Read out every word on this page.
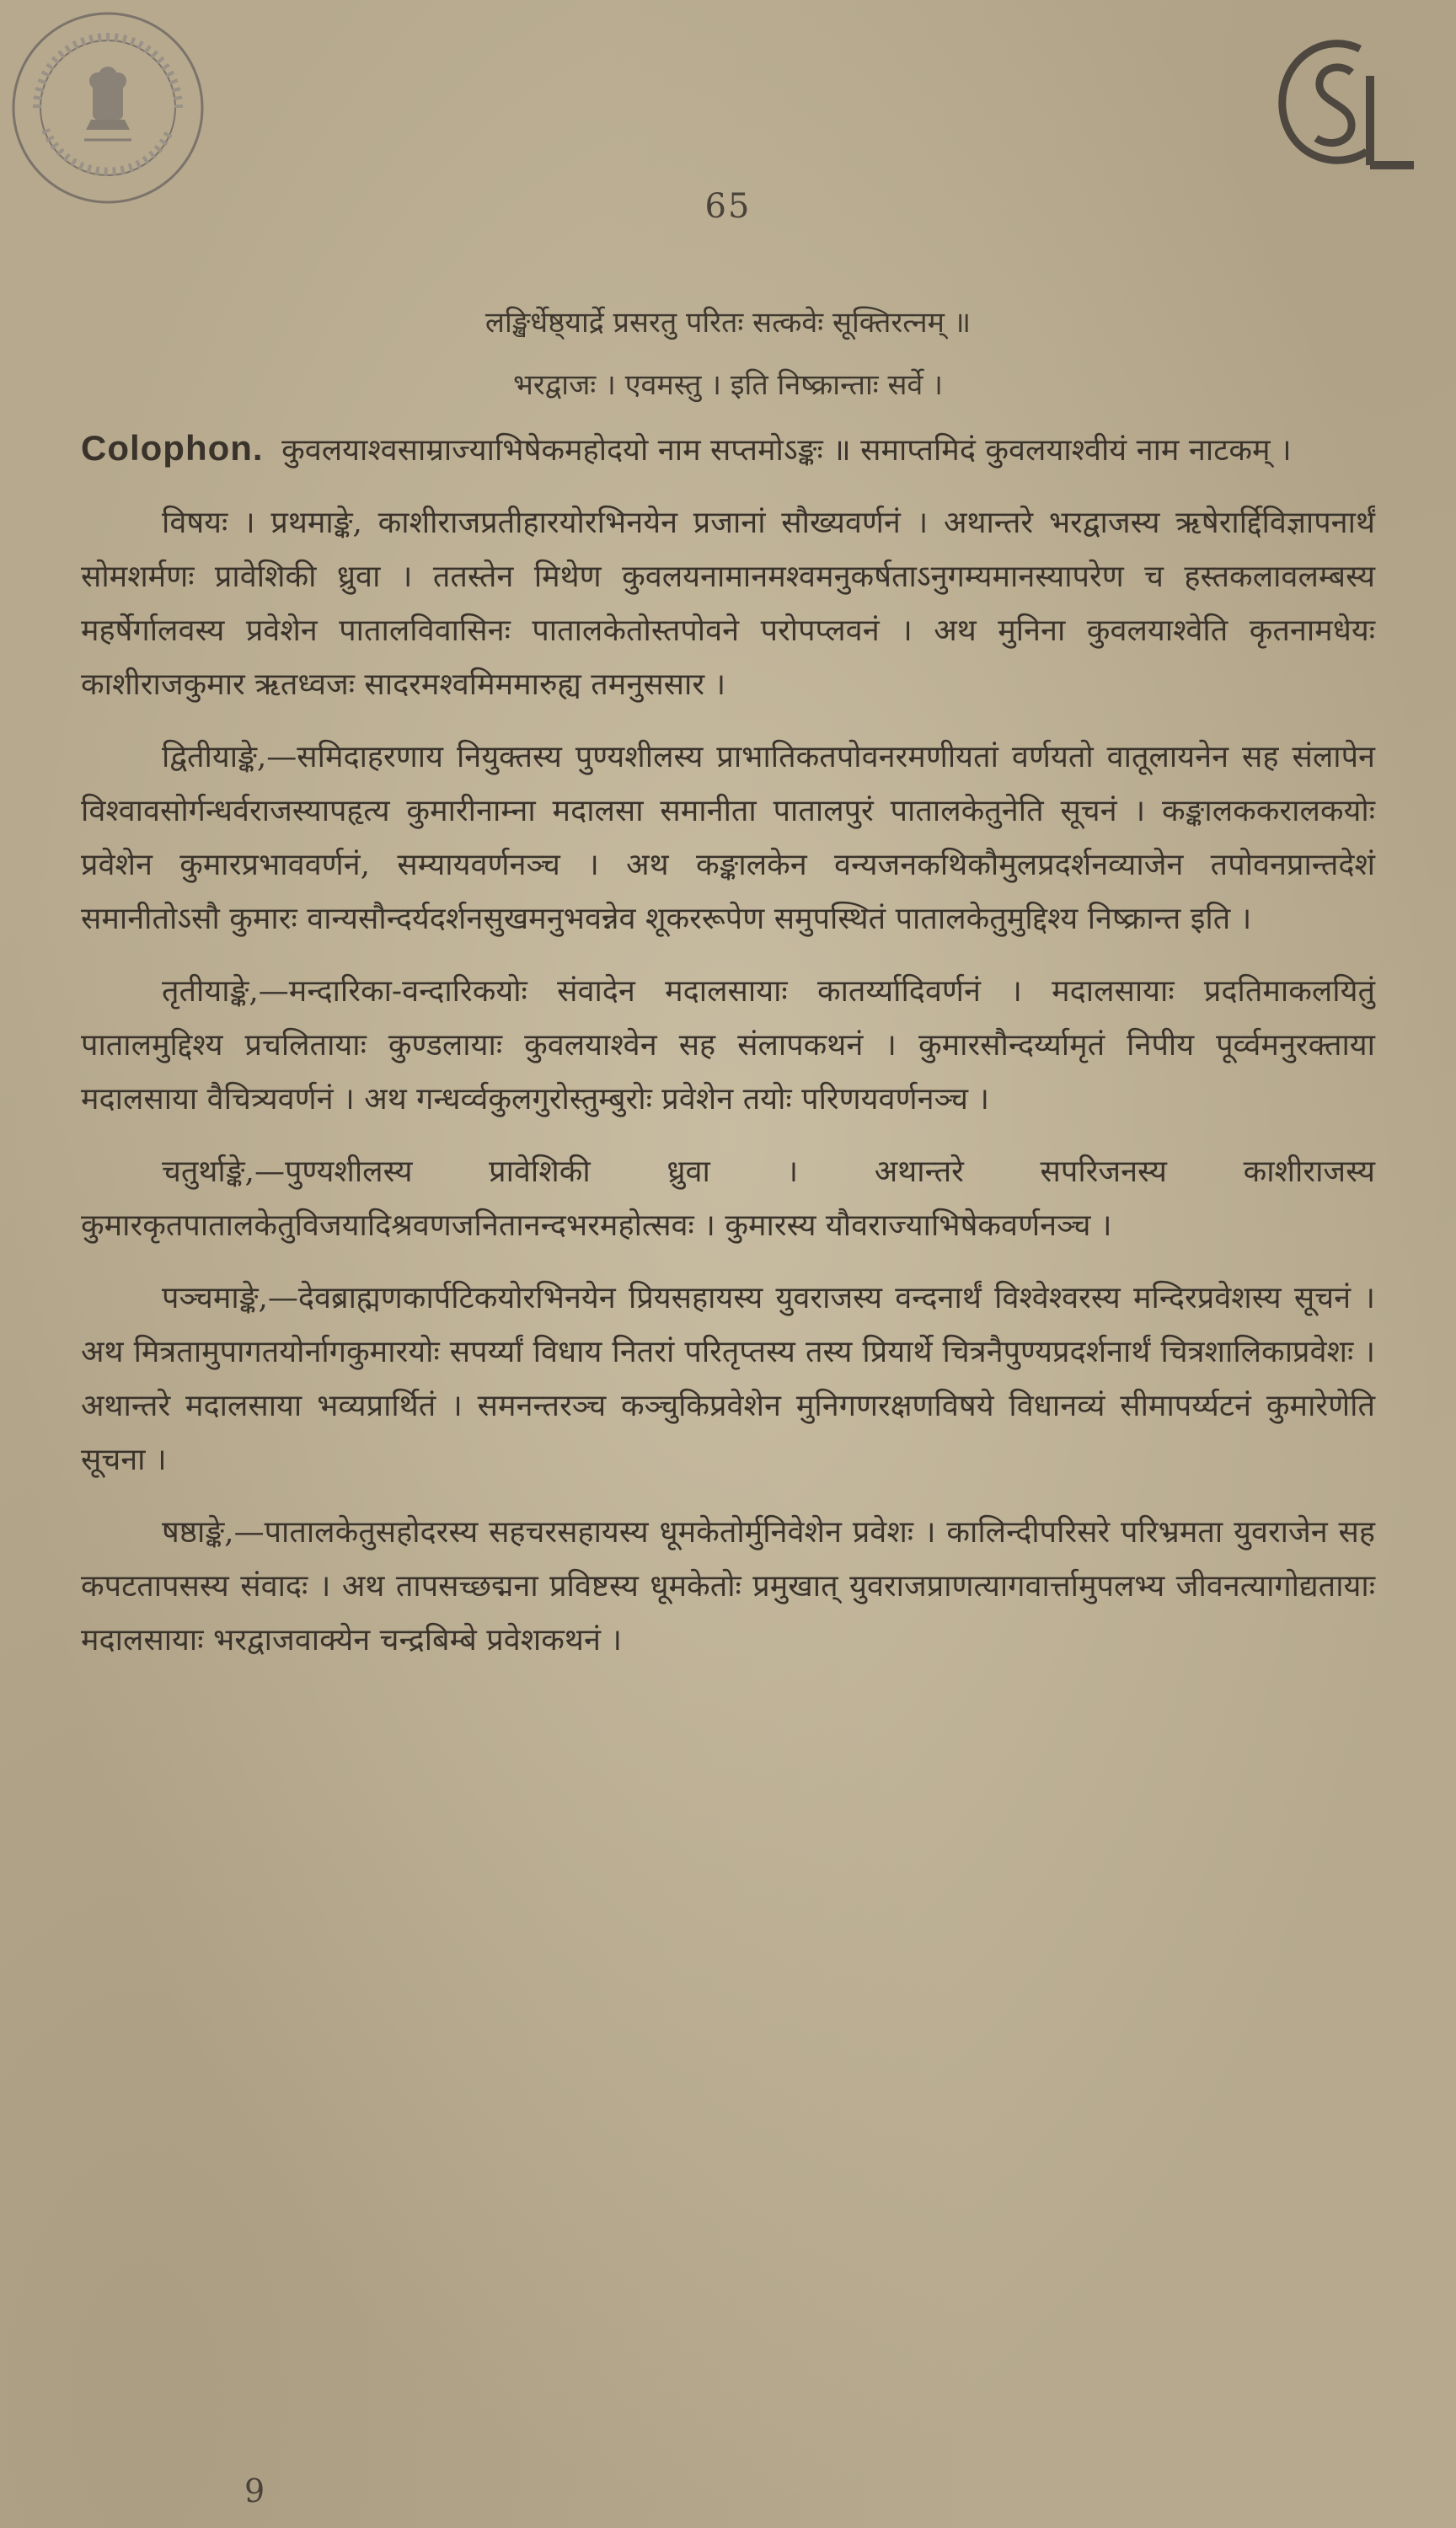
65
लङ्खिर्धेष्ठ्यार्द्रे प्रसरतु परितः सत्कवेः सूक्तिरत्नम् ॥
भरद्वाजः । एवमस्तु । इति निष्क्रान्ताः सर्वे ।

Colophon. कुवलयाश्वसाम्राज्याभिषेकमहोदयो नाम सप्तमोऽङ्कः ॥ समाप्तमिदं कुवलयाश्वीयं नाम नाटकम् ।

विषयः । प्रथमाङ्के, काशीराजप्रतीहारयोरभिनयेन प्रजानां सौख्यवर्णनं । अथान्तरे भरद्वाजस्य ऋषेरार्द्दिविज्ञापनार्थं सोमशर्मणः प्रावेशिकी ध्रुवा । ततस्तेन मिथेण कुवलयनामानमश्वमनुकर्षताऽनुगम्यमानस्यापरेण च हस्तकलावलम्बस्य महर्षेर्गालवस्य प्रवेशेन पातालविवासिनः पातालकेतोस्तपोवने परोपप्लवनं । अथ मुनिना कुवलयाश्वेति कृतनामधेयः काशीराजकुमार ऋतध्वजः सादरमश्वमिममारुह्य तमनुससार ।

द्वितीयाङ्के,—समिदाहरणाय नियुक्तस्य पुण्यशीलस्य प्राभातिकतपोवनरमणीयतां वर्णयतो वातूलायनेन सह संलापेन विश्वावसोर्गन्धर्वराजस्यापहृत्य कुमारीनाम्ना मदालसा समानीता पातालपुरं पातालकेतुनेति सूचनं । कङ्कालककरालकयोः प्रवेशेन कुमारप्रभाववर्णनं, सम्यायवर्णनञ्च । अथ कङ्कालकेन वन्यजनकथिकौमुलप्रदर्शनव्याजेन तपोवनप्रान्तदेशं समानीतोऽसौ कुमारः वान्यसौन्दर्यदर्शनसुखमनुभवन्नेव शूकररूपेण समुपस्थितं पातालकेतुमुद्दिश्य निष्क्रान्त इति ।

तृतीयाङ्के,—मन्दारिका-वन्दारिकयोः संवादेन मदालसायाः कातर्य्यादिवर्णनं । मदालसायाः प्रदतिमाकलयितुं पातालमुद्दिश्य प्रचलितायाः कुण्डलायाः कुवलयाश्वेन सह संलापकथनं । कुमारसौन्दर्य्यामृतं निपीय पूर्व्वमनुरक्ताया मदालसाया वैचित्र्यवर्णनं । अथ गन्धर्व्वकुलगुरोस्तुम्बुरोः प्रवेशेन तयोः परिणयवर्णनञ्च ।

चतुर्थाङ्के,—पुण्यशीलस्य प्रावेशिकी ध्रुवा । अथान्तरे सपरिजनस्य काशीराजस्य कुमारकृतपातालकेतुविजयादिश्रवणजनितानन्दभरमहोत्सवः । कुमारस्य यौवराज्याभिषेकवर्णनञ्च ।

पञ्चमाङ्के,—देवब्राह्मणकार्पटिकयोरभिनयेन प्रियसहायस्य युवराजस्य वन्दनार्थं विश्वेश्वरस्य मन्दिरप्रवेशस्य सूचनं । अथ मित्रतामुपागतयोर्नागकुमारयोः सपर्य्यां विधाय नितरां परितृप्तस्य तस्य प्रियार्थे चित्रनैपुण्यप्रदर्शनार्थं चित्रशालिकाप्रवेशः । अथान्तरे मदालसाया भव्यप्रार्थितं । समनन्तरञ्च कञ्चुकिप्रवेशेन मुनिगणरक्षणविषये विधानव्यं सीमापर्य्यटनं कुमारेणेति सूचना ।

षष्ठाङ्के,—पातालकेतुसहोदरस्य सहचरसहायस्य धूमकेतोर्मुनिवेशेन प्रवेशः । कालिन्दीपरिसरे परिभ्रमता युवराजेन सह कपटतापसस्य संवादः । अथ तापसच्छद्मना प्रविष्टस्य धूमकेतोः प्रमुखात् युवराजप्राणत्यागवार्त्तामुपलभ्य जीवनत्यागोद्यतायाः मदालसायाः भरद्वाजवाक्येन चन्द्रबिम्बे प्रवेशकथनं ।

9
